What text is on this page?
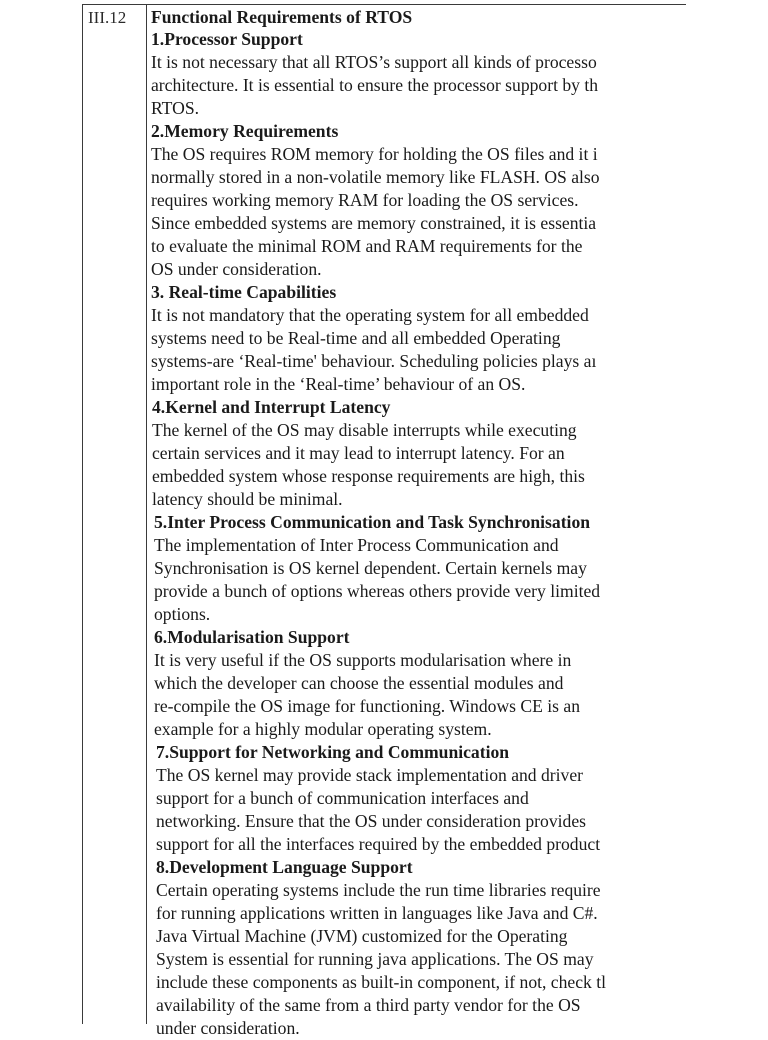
III.12 Functional Requirements of RTOS
1.Processor Support
It is not necessary that all RTOS’s support all kinds of processo
architecture. It is essential to ensure the processor support by th
RTOS.
2.Memory Requirements
The OS requires ROM memory for holding the OS files and it i
normally stored in a non-volatile memory like FLASH. OS also
requires working memory RAM for loading the OS services.
Since embedded systems are memory constrained, it is essentia
to evaluate the minimal ROM and RAM requirements for the
OS under consideration.
3. Real-time Capabilities
It is not mandatory that the operating system for all embedded
systems need to be Real-time and all embedded Operating
systems-are ‘Real-time' behaviour. Scheduling policies plays aı
important role in the ‘Real-time’ behaviour of an OS.
4.Kernel and Interrupt Latency
The kernel of the OS may disable interrupts while executing
certain services and it may lead to interrupt latency. For an
embedded system whose response requirements are high, this
latency should be minimal.
5.Inter Process Communication and Task Synchronisation
The implementation of Inter Process Communication and
Synchronisation is OS kernel dependent. Certain kernels may
provide a bunch of options whereas others provide very limited
options.
6.Modularisation Support
It is very useful if the OS supports modularisation where in
which the developer can choose the essential modules and
re-compile the OS image for functioning. Windows CE is an
example for a highly modular operating system.
7.Support for Networking and Communication
The OS kernel may provide stack implementation and driver
support for a bunch of communication interfaces and
networking. Ensure that the OS under consideration provides
support for all the interfaces required by the embedded product
8.Development Language Support
Certain operating systems include the run time libraries require
for running applications written in languages like Java and C#.
Java Virtual Machine (JVM) customized for the Operating
System is essential for running java applications. The OS may
include these components as built-in component, if not, check tl
availability of the same from a third party vendor for the OS
under consideration.
